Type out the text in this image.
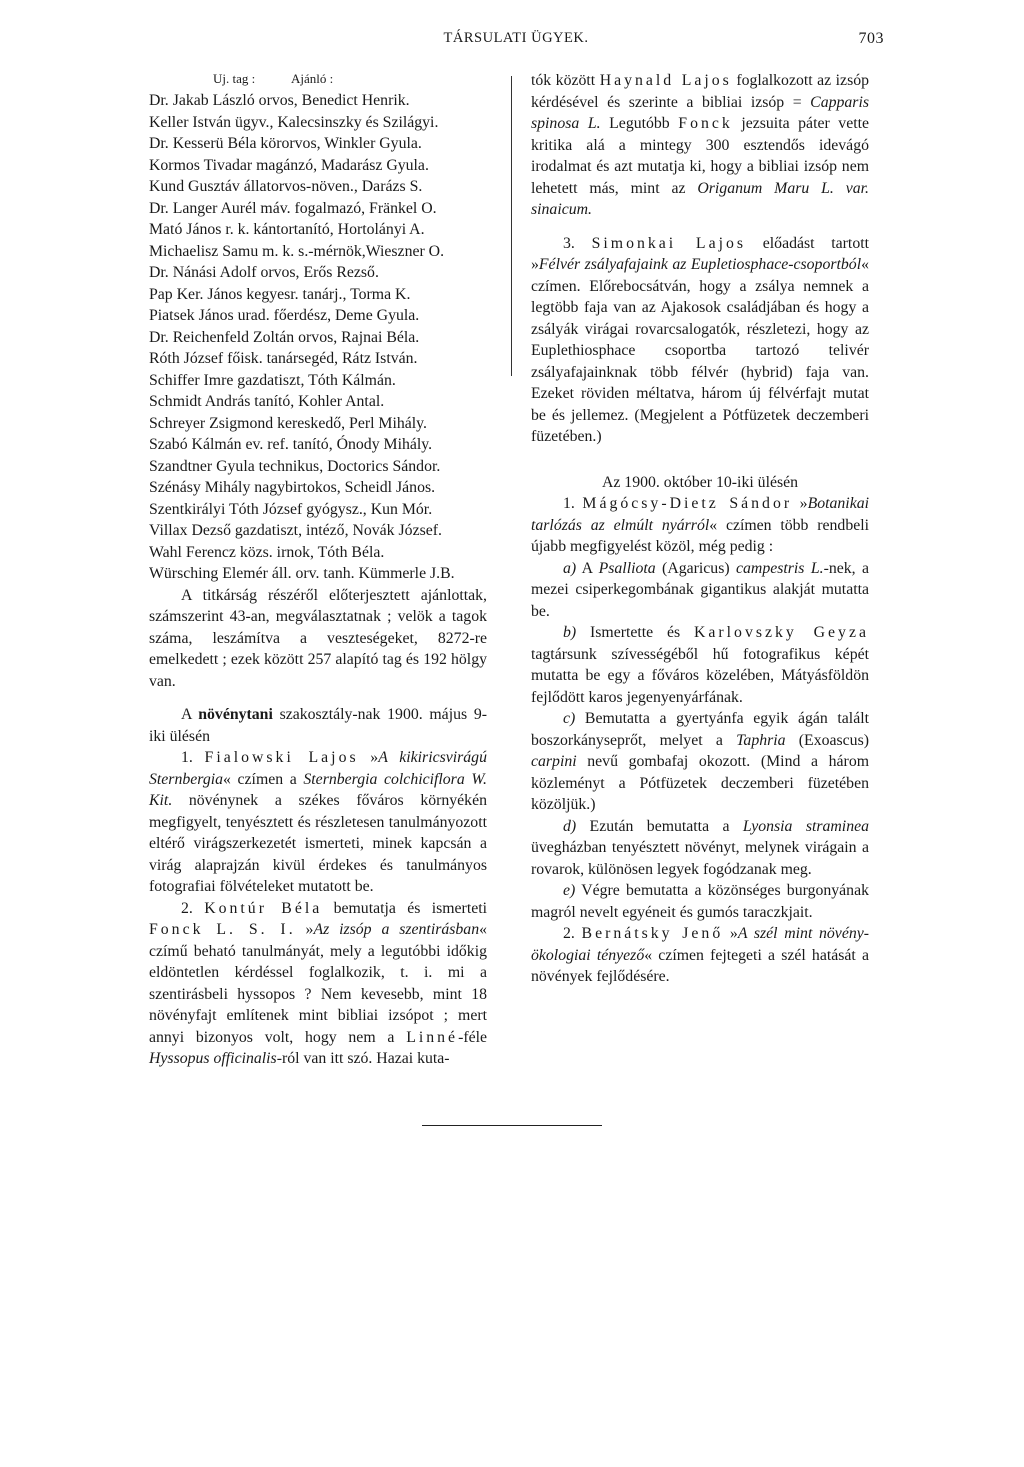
TÁRSULATI ÜGYEK.	703
Uj. tag :	Ajánló :

Dr. Jakab László orvos, Benedict Henrik.

Keller István ügyv., Kalecsinszky és Szilágyi.

Dr. Kesserü Béla körorvos, Winkler Gyula.

Kormos Tivadar magánzó, Madarász Gyula.

Kund Gusztáv állatorvos-növen., Darázs S.

Dr. Langer Aurél máv. fogalmazó, Fränkel O.

Mató János r. k. kántortanító, Hortolányi A.

Michaelisz Samu m. k. s.-mérnök,Wieszner O.

Dr. Nánási Adolf orvos, Erős Rezső.

Pap Ker. János kegyesr. tanárj., Torma K.

Piatsek János urad. főerdész, Deme Gyula.

Dr. Reichenfeld Zoltán orvos, Rajnai Béla.

Róth József főisk. tanársegéd, Rátz István.

Schiffer Imre gazdatiszt, Tóth Kálmán.

Schmidt András tanító, Kohler Antal.

Schreyer Zsigmond kereskedő, Perl Mihály.

Szabó Kálmán ev. ref. tanító, Ónody Mihály.

Szandtner Gyula technikus, Doctorics Sándor.

Szénásy Mihály nagybirtokos, Scheidl János.

Szentkirályi Tóth József gyógysz., Kun Mór.

Villax Dezső gazdatiszt, intéző, Novák József.

Wahl Ferencz közs. irnok, Tóth Béla.

Würsching Elemér áll. orv. tanh. Kümmerle J.B.

A titkárság részéről előterjesztett ajánlottak, számszerint 43-an, megválasztatnak ; velök a tagok száma, leszámítva a veszteségeket, 8272-re emelkedett ; ezek között 257 alapító tag és 192 hölgy van.

A növénytani szakosztály-nak 1900. május 9-iki ülésén

1. Fialowski Lajos »A kikiricsvirágú Sternbergia« czímen a Sternbergia colchiciflora W. Kit. növénynek a székes főváros környékén megfigyelt, tenyésztett és részletesen tanulmányozott eltérő virágszerkezetét ismerteti, minek kapcsán a virág alaprajzán kivül érdekes és tanulmányos fotografiai fölvételeket mutatott be.

2. Kontúr Béla bemutatja és ismerteti Fonck L. S. I. »Az izsóp a szentirásban« czímű beható tanulmányát, mely a legutóbbi időkig eldöntetlen kérdéssel foglalkozik, t. i. mi a szentirásbeli hyssopos ? Nem kevesebb, mint 18 növényfajt említenek mint bibliai izsópot ; mert annyi bizonyos volt, hogy nem a Linné-féle Hyssopus officinalis-ról van itt szó. Hazai kuta-

tók között Haynald Lajos foglalkozott az izsóp kérdésével és szerinte a bibliai izsóp = Capparis spinosa L. Legutóbb Fonck jezsuita páter vette kritika alá a mintegy 300 esztendős idevágó irodalmat és azt mutatja ki, hogy a bibliai izsóp nem lehetett más, mint az Origanum Maru L. var. sinaicum.

3. Simonkai Lajos előadást tartott »Félvér zsályafajaink az Eupletiosphace-csoportból« czímen. Előrebocsátván, hogy a zsálya nemnek a legtöbb faja van az Ajakosok családjában és hogy a zsályák virágai rovarcsalogatók, részletezi, hogy az Euplethiosphace csoportba tartozó telivér zsályafajainknak több félvér (hybrid) faja van. Ezeket röviden méltatva, három új félvérfajt mutat be és jellemez. (Megjelent a Pótfüzetek deczemberi füzetében.)

Az 1900. október 10-iki ülésén

1. Mágócsy-Dietz Sándor »Botanikai tarlózás az elmúlt nyárról« czímen több rendbeli újabb megfigyelést közöl, még pedig :

a) A Psalliota (Agaricus) campestris L.-nek, a mezei csiperkegombának gigantikus alakját mutatta be.

b) Ismertette és Karlovszky Geyza tagtársunk szívességéből hű fotografikus képét mutatta be egy a főváros közelében, Mátyásföldön fejlődött karos jegenyenyárfának.

c) Bemutatta a gyertyánfa egyik ágán talált boszorkányseprőt, melyet a Taphria (Exoascus) carpini nevű gombafaj okozott. (Mind a három közleményt a Pótfüzetek deczemberi füzetében közöljük.)

d) Ezután bemutatta a Lyonsia straminea üvegházban tenyésztett növényt, melynek virágain a rovarok, különösen legyek fogódzanak meg.

e) Végre bemutatta a közönséges burgonyának magról nevelt egyéneit és gumós taraczkjait.

2. Bernátsky Jenő »A szél mint növény-ökologiai tényező« czímen fejtegeti a szél hatását a növények fejlődésére.
